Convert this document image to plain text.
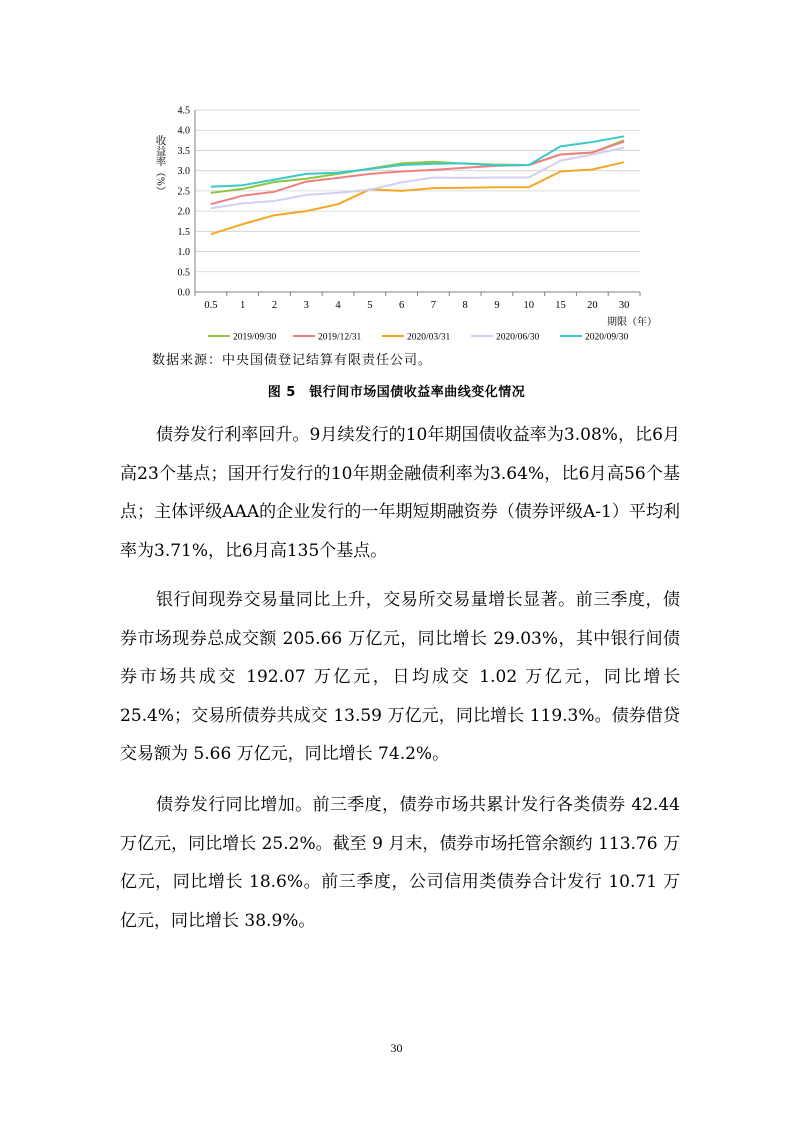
0.0
0.5
1.0
1.5
2.0
2.5
3.0
3.5
4.0
4.5
0.5 1	2	3	4	5	6	7	8	9 10 15 20 30
2019/09/30	2019/12/31	2020/03/31	2020/06/30	2020/09/30
收益率（%）
期限（年）
数据来源：中央国债登记结算有限责任公司。
图 5　银行间市场国债收益率曲线变化情况

债券发行利率回升。9月续发行的10年期国债收益率为3.08%，比6月高23个基点；国开行发行的10年期金融债利率为3.64%，比6月高56个基点；主体评级AAA的企业发行的一年期短期融资券（债券评级A-1）平均利率为3.71%，比6月高135个基点。

银行间现券交易量同比上升，交易所交易量增长显著。前三季度，债券市场现券总成交额 205.66 万亿元，同比增长 29.03%，其中银行间债券市场共成交 192.07 万亿元，日均成交 1.02 万亿元，同比增长 25.4%；交易所债券共成交 13.59 万亿元，同比增长 119.3%。债券借贷交易额为 5.66 万亿元，同比增长 74.2%。

债券发行同比增加。前三季度，债券市场共累计发行各类债券 42.44 万亿元，同比增长 25.2%。截至 9 月末，债券市场托管余额约 113.76 万亿元，同比增长 18.6%。前三季度，公司信用类债券合计发行 10.71 万亿元，同比增长 38.9%。

30
